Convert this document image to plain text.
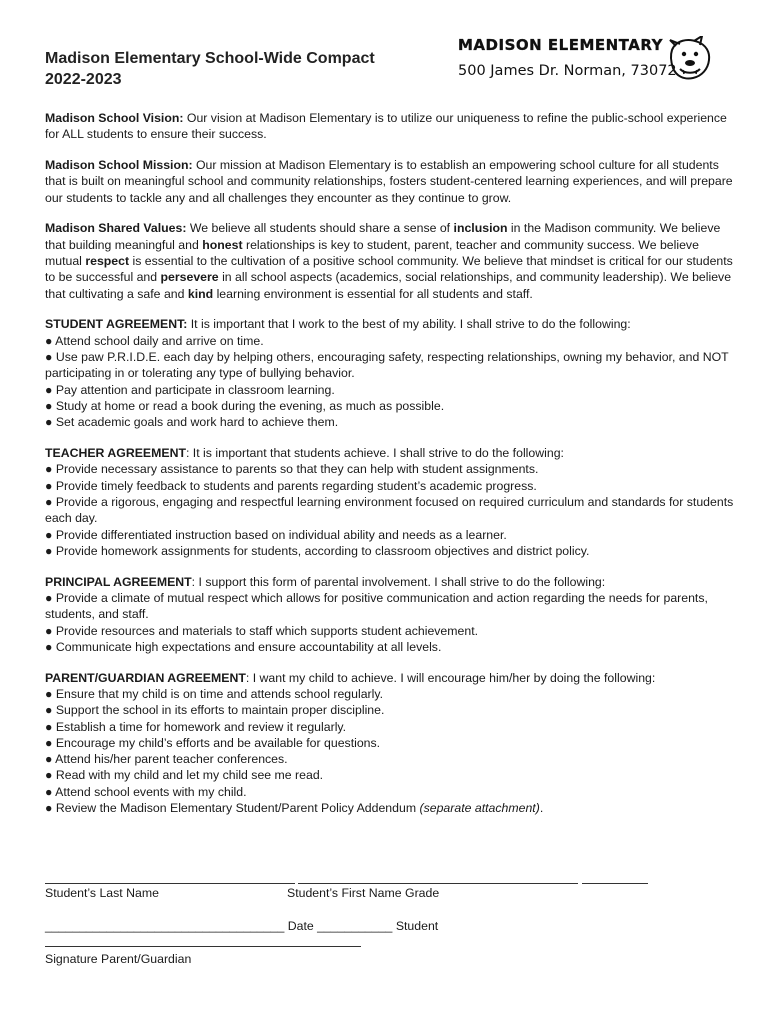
Madison Elementary School-Wide Compact
2022-2023
MADISON ELEMENTARY
500 James Dr. Norman, 73072

Madison School Vision: Our vision at Madison Elementary is to utilize our uniqueness to refine the public-school experience for ALL students to ensure their success.

Madison School Mission: Our mission at Madison Elementary is to establish an empowering school culture for all students that is built on meaningful school and community relationships, fosters student-centered learning experiences, and will prepare our students to tackle any and all challenges they encounter as they continue to grow.

Madison Shared Values: We believe all students should share a sense of inclusion in the Madison community. We believe that building meaningful and honest relationships is key to student, parent, teacher and community success. We believe mutual respect is essential to the cultivation of a positive school community. We believe that mindset is critical for our students to be successful and persevere in all school aspects (academics, social relationships, and community leadership). We believe that cultivating a safe and kind learning environment is essential for all students and staff.

STUDENT AGREEMENT: It is important that I work to the best of my ability. I shall strive to do the following:
● Attend school daily and arrive on time.
● Use paw P.R.I.D.E. each day by helping others, encouraging safety, respecting relationships, owning my behavior, and NOT
participating in or tolerating any type of bullying behavior.
● Pay attention and participate in classroom learning.
● Study at home or read a book during the evening, as much as possible.
● Set academic goals and work hard to achieve them.

TEACHER AGREEMENT: It is important that students achieve. I shall strive to do the following:
● Provide necessary assistance to parents so that they can help with student assignments.
● Provide timely feedback to students and parents regarding student’s academic progress.
● Provide a rigorous, engaging and respectful learning environment focused on required curriculum and standards for students each day.
● Provide differentiated instruction based on individual ability and needs as a learner.
● Provide homework assignments for students, according to classroom objectives and district policy.

PRINCIPAL AGREEMENT: I support this form of parental involvement. I shall strive to do the following:
● Provide a climate of mutual respect which allows for positive communication and action regarding the needs for parents, students, and staff.
● Provide resources and materials to staff which supports student achievement.
● Communicate high expectations and ensure accountability at all levels.

PARENT/GUARDIAN AGREEMENT: I want my child to achieve. I will encourage him/her by doing the following:
● Ensure that my child is on time and attends school regularly.
● Support the school in its efforts to maintain proper discipline.
● Establish a time for homework and review it regularly.
● Encourage my child’s efforts and be available for questions.
● Attend his/her parent teacher conferences.
● Read with my child and let my child see me read.
● Attend school events with my child.
● Review the Madison Elementary Student/Parent Policy Addendum (separate attachment).

Student’s Last Name	Student’s First Name Grade
___________________________________ Date ___________ Student
Signature Parent/Guardian
